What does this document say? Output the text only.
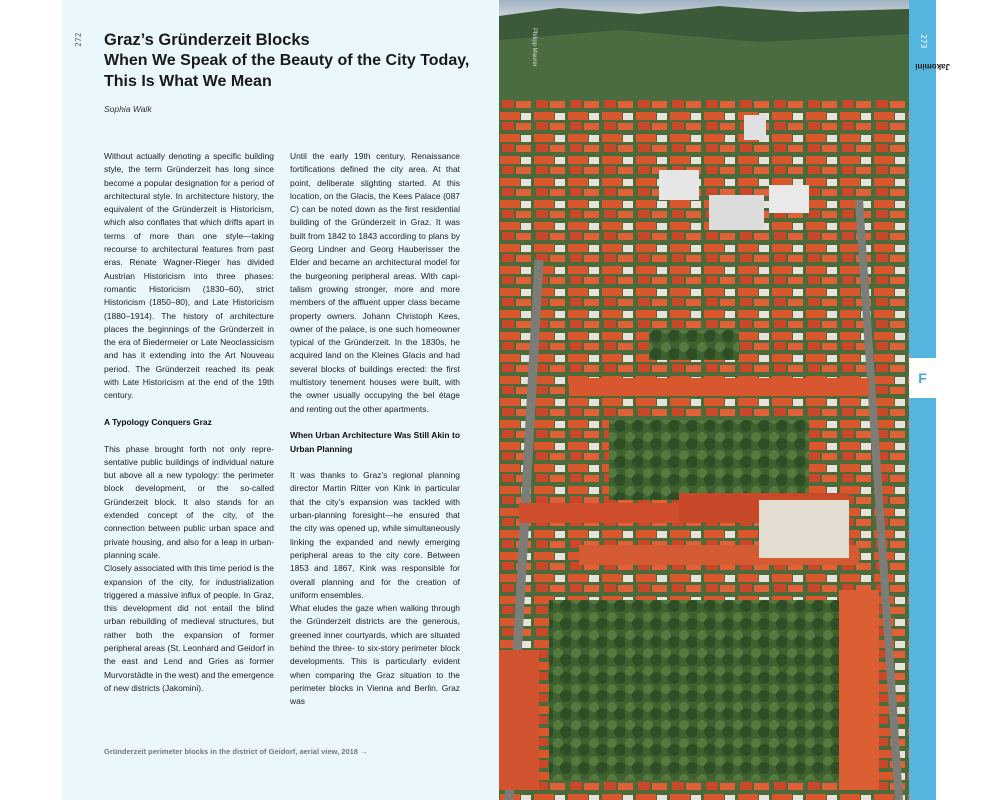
272 Graz’s Gründerzeit Blocks
When We Speak of the Beauty of the City Today,
This Is What We Mean
Sophia Walk

Without actually denoting a specific building style, the term Gründerzeit has long since become a popular designation for a period of architectural style. In architecture history, the equivalent of the Gründerzeit is Historicism, which also conflates that which drifts apart in terms of more than one style—taking recourse to architectural features from past eras. Renate Wagner-Rieger has divided Austrian Historicism into three phases: romantic Historicism (1830–60), strict Historicism (1850–80), and Late Historicism (1880–1914). The history of architecture places the beginnings of the Gründerzeit in the era of Biedermeier or Late Neoclassicism and has it extending into the Art Nouveau period. The Gründerzeit reached its peak with Late Historicism at the end of the 19th century.

A Typology Conquers Graz

This phase brought forth not only representative public buildings of individual nature but above all a new typology: the perimeter block development, or the so-called Gründerzeit block. It also stands for an extended concept of the city, of the connection between public urban space and private housing, and also for a leap in urban-planning scale.

Closely associated with this time period is the expansion of the city, for industrialization triggered a massive influx of people. In Graz, this development did not entail the blind urban rebuilding of medieval structures, but rather both the expansion of former peripheral areas (St. Leonhard and Geidorf in the east and Lend and Gries as former Murvorstädte in the west) and the emergence of new districts (Jakomini).

Until the early 19th century, Renaissance fortifications defined the city area. At that point, deliberate slighting started. At this location, on the Glacis, the Kees Palace (087 C) can be noted down as the first residential building of the Gründerzeit in Graz. It was built from 1842 to 1843 according to plans by Georg Lindner and Georg Hauberisser the Elder and became an architectural model for the burgeoning peripheral areas. With capitalism growing stronger, more and more members of the affluent upper class became property owners. Johann Christoph Kees, owner of the palace, is one such homeowner typical of the Gründerzeit. In the 1830s, he acquired land on the Kleines Glacis and had several blocks of buildings erected: the first multistory tenement houses were built, with the owner usually occupying the bel étage and renting out the other apartments.

When Urban Architecture Was Still Akin to Urban Planning

It was thanks to Graz’s regional planning director Martin Ritter von Kink in particular that the city’s expansion was tackled with urban-planning foresight—he ensured that the city was opened up, while simultaneously linking the expanded and newly emerging peripheral areas to the city core. Between 1853 and 1867, Kink was responsible for overall planning and for the creation of uniform ensembles.

What eludes the gaze when walking through the Gründerzeit districts are the generous, greened inner courtyards, which are situated behind the three- to six-story perimeter block developments. This is particularly evident when comparing the Graz situation to the perimeter blocks in Vienna and Berlin. Graz was

Gründerzeit perimeter blocks in the district of Geidorf, aerial view, 2018 →
Philipp Maurer	273
Jakomini
F
